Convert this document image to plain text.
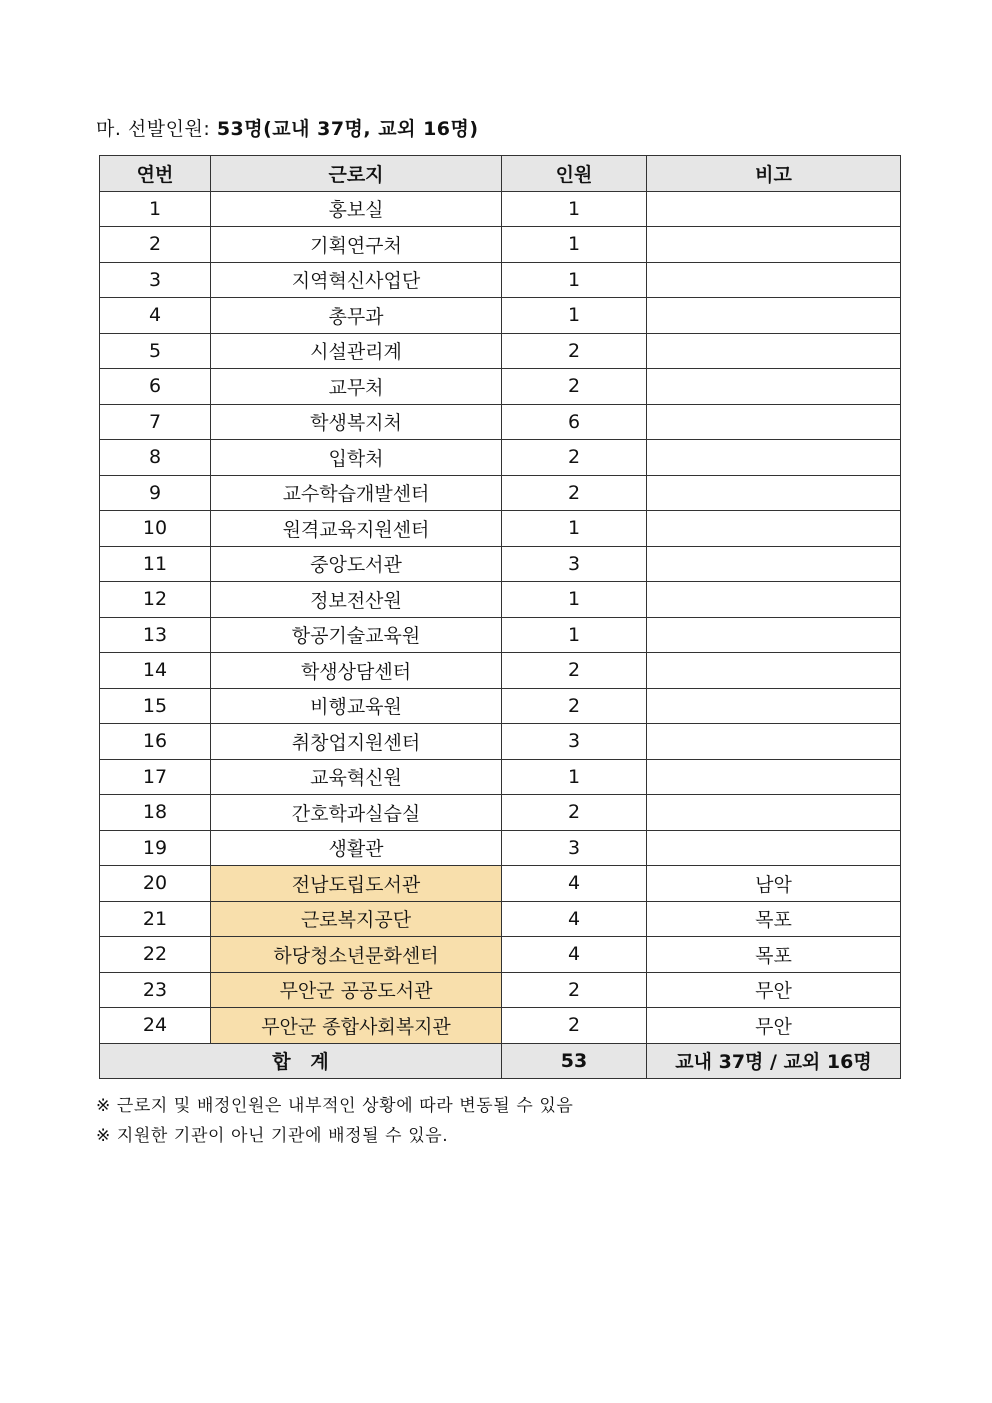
마. 선발인원: 53명(교내 37명, 교외 16명)
연번	근로지	인원	비고
1	홍보실	1	
2	기획연구처	1	
3	지역혁신사업단	1	
4	총무과	1	
5	시설관리계	2	
6	교무처	2	
7	학생복지처	6	
8	입학처	2	
9	교수학습개발센터	2	
10	원격교육지원센터	1	
11	중앙도서관	3	
12	정보전산원	1	
13	항공기술교육원	1	
14	학생상담센터	2	
15	비행교육원	2	
16	취창업지원센터	3	
17	교육혁신원	1	
18	간호학과실습실	2	
19	생활관	3	
20	전남도립도서관	4	남악
21	근로복지공단	4	목포
22	하당청소년문화센터	4	목포
23	무안군 공공도서관	2	무안
24	무안군 종합사회복지관	2	무안
합   계		53	교내 37명 / 교외 16명
※ 근로지 및 배정인원은 내부적인 상황에 따라 변동될 수 있음
※ 지원한 기관이 아닌 기관에 배정될 수 있음.
